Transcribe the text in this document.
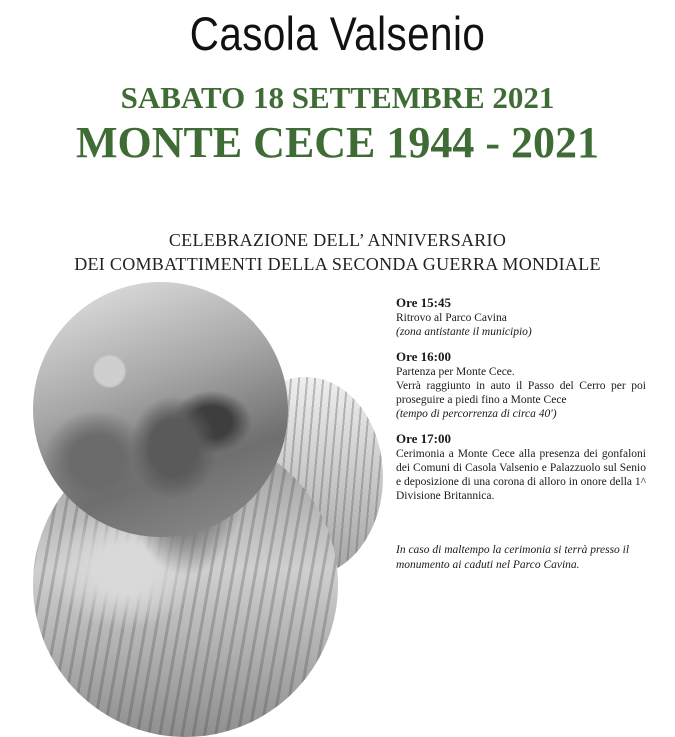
Casola Valsenio
SABATO 18 SETTEMBRE 2021
MONTE CECE 1944 - 2021
CELEBRAZIONE DELL’ ANNIVERSARIO
DEI COMBATTIMENTI DELLA SECONDA GUERRA MONDIALE
Ore 15:45
Ritrovo al Parco Cavina
(zona antistante il municipio)
Ore 16:00
Partenza per Monte Cece.
Verrà raggiunto in auto il Passo del Cerro per poi proseguire a piedi fino a Monte Cece
(tempo di percorrenza di circa 40')
Ore 17:00
Cerimonia a Monte Cece alla presenza dei gonfaloni dei Comuni di Casola Valsenio e Palazzuolo sul Senio e deposizione di una corona di alloro in onore della 1^ Divisione Britannica.
In caso di maltempo la cerimonia si terrà presso il monumento ai caduti nel Parco Cavina.
